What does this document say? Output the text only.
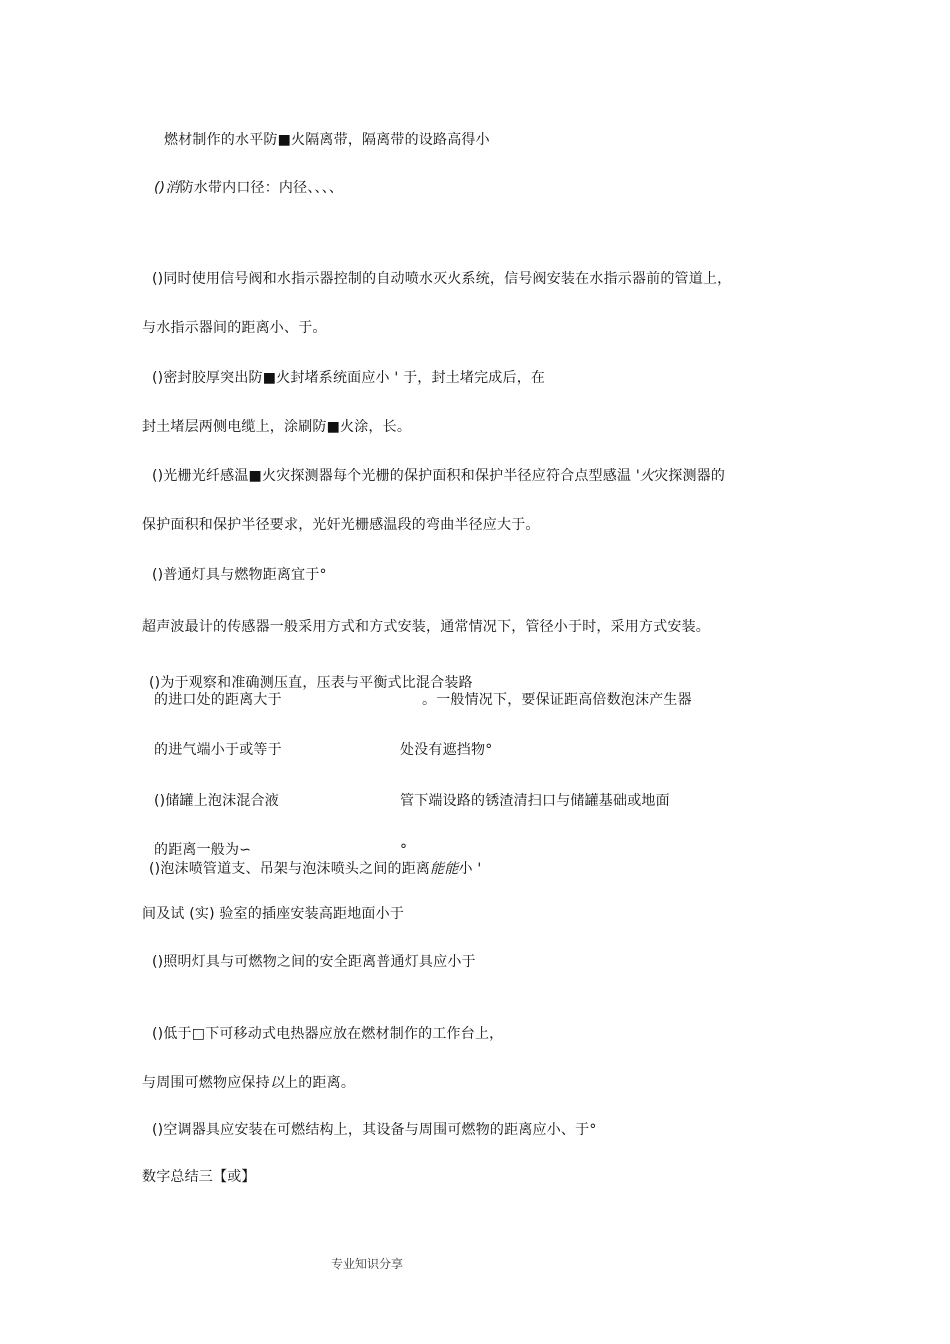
燃材制作的水平防■火隔离带，隔离带的设路高得小
()消防水带内口径：内径、、、、
()同时使用信号阀和水指示器控制的自动喷水灭火系统，信号阀安装在水指示器前的管道上，
与水指示器间的距离小、于。
()密封胶厚突出防■火封堵系统面应小 ' 于，封土堵完成后，在
封土堵层两侧电缆上，涂刷防■火涂，长。
()光栅光纤感温■火灾探测器每个光栅的保护面积和保护半径应符合点型感温 '火灾探测器的
保护面积和保护半径要求，光奸光栅感温段的弯曲半径应大于。
()普通灯具与燃物距离宜于°
超声波最计的传感器一般采用方式和方式安装，通常情况下，管径小于时，采用方式安装。
()为于观察和准确测压直，压表与平衡式比混合装路
的进口处的距离大于	。一般情况下，要保证距高倍数泡沫产生器
的进气端小于或等于	处没有遮挡物°
()储罐上泡沫混合液	管下端设路的锈渣清扫口与储罐基础或地面
的距离一般为∽	°
()泡沫喷管道支、吊架与泡沫喷头之间的距离能能小 '
间及试 (实) 验室的插座安装高距地面小于
()照明灯具与可燃物之间的安全距离普通灯具应小于
()低于□下可移动式电热器应放在燃材制作的工作台上，
与周围可燃物应保持以上的距离。
()空调器具应安装在可燃结构上，其设备与周围可燃物的距离应小、于°
数字总结三【或】
专业知识分享
